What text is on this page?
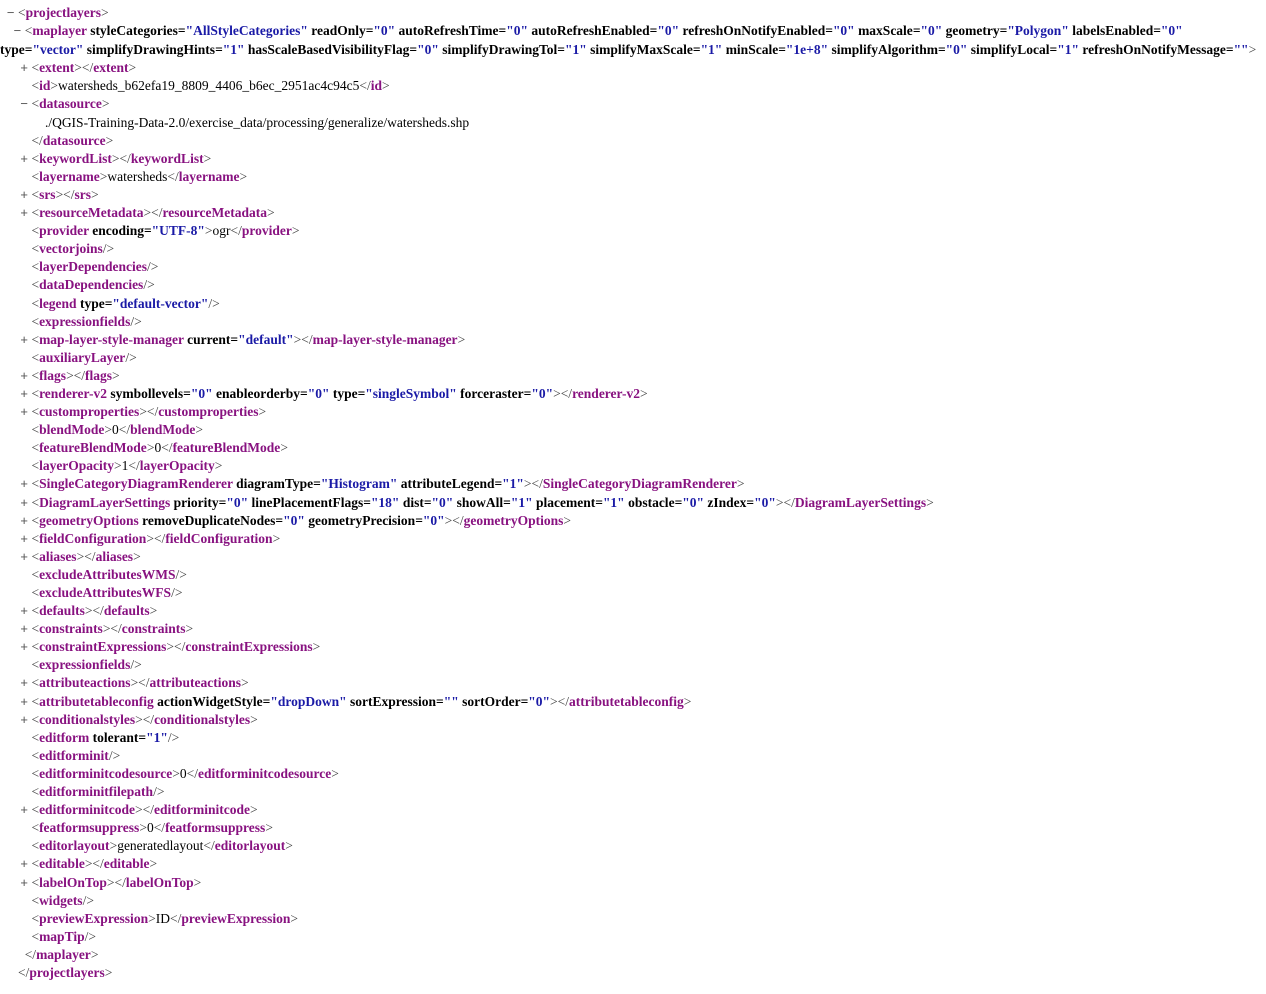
− <projectlayers>
− <maplayer styleCategories="AllStyleCategories" readOnly="0" autoRefreshTime="0" autoRefreshEnabled="0" refreshOnNotifyEnabled="0" maxScale="0" geometry="Polygon" labelsEnabled="0" type="vector" simplifyDrawingHints="1" hasScaleBasedVisibilityFlag="0" simplifyDrawingTol="1" simplifyMaxScale="1" minScale="1e+8" simplifyAlgorithm="0" simplifyLocal="1" refreshOnNotifyMessage="">
+ <extent></extent>
<id>watersheds_b62efa19_8809_4406_b6ec_2951ac4c94c5</id>
− <datasource>
./QGIS-Training-Data-2.0/exercise_data/processing/generalize/watersheds.shp
</datasource>
+ <keywordList></keywordList>
<layername>watersheds</layername>
+ <srs></srs>
+ <resourceMetadata></resourceMetadata>
<provider encoding="UTF-8">ogr</provider>
<vectorjoins/>
<layerDependencies/>
<dataDependencies/>
<legend type="default-vector"/>
<expressionfields/>
+ <map-layer-style-manager current="default"></map-layer-style-manager>
<auxiliaryLayer/>
+ <flags></flags>
+ <renderer-v2 symbollevels="0" enableorderby="0" type="singleSymbol" forceraster="0"></renderer-v2>
+ <customproperties></customproperties>
<blendMode>0</blendMode>
<featureBlendMode>0</featureBlendMode>
<layerOpacity>1</layerOpacity>
+ <SingleCategoryDiagramRenderer diagramType="Histogram" attributeLegend="1"></SingleCategoryDiagramRenderer>
+ <DiagramLayerSettings priority="0" linePlacementFlags="18" dist="0" showAll="1" placement="1" obstacle="0" zIndex="0"></DiagramLayerSettings>
+ <geometryOptions removeDuplicateNodes="0" geometryPrecision="0"></geometryOptions>
+ <fieldConfiguration></fieldConfiguration>
+ <aliases></aliases>
<excludeAttributesWMS/>
<excludeAttributesWFS/>
+ <defaults></defaults>
+ <constraints></constraints>
+ <constraintExpressions></constraintExpressions>
<expressionfields/>
+ <attributeactions></attributeactions>
+ <attributetableconfig actionWidgetStyle="dropDown" sortExpression="" sortOrder="0"></attributetableconfig>
+ <conditionalstyles></conditionalstyles>
<editform tolerant="1"/>
<editforminit/>
<editforminitcodesource>0</editforminitcodesource>
<editforminitfilepath/>
+ <editforminitcode></editforminitcode>
<featformsuppress>0</featformsuppress>
<editorlayout>generatedlayout</editorlayout>
+ <editable></editable>
+ <labelOnTop></labelOnTop>
<widgets/>
<previewExpression>ID</previewExpression>
<mapTip/>
</maplayer>
</projectlayers>
